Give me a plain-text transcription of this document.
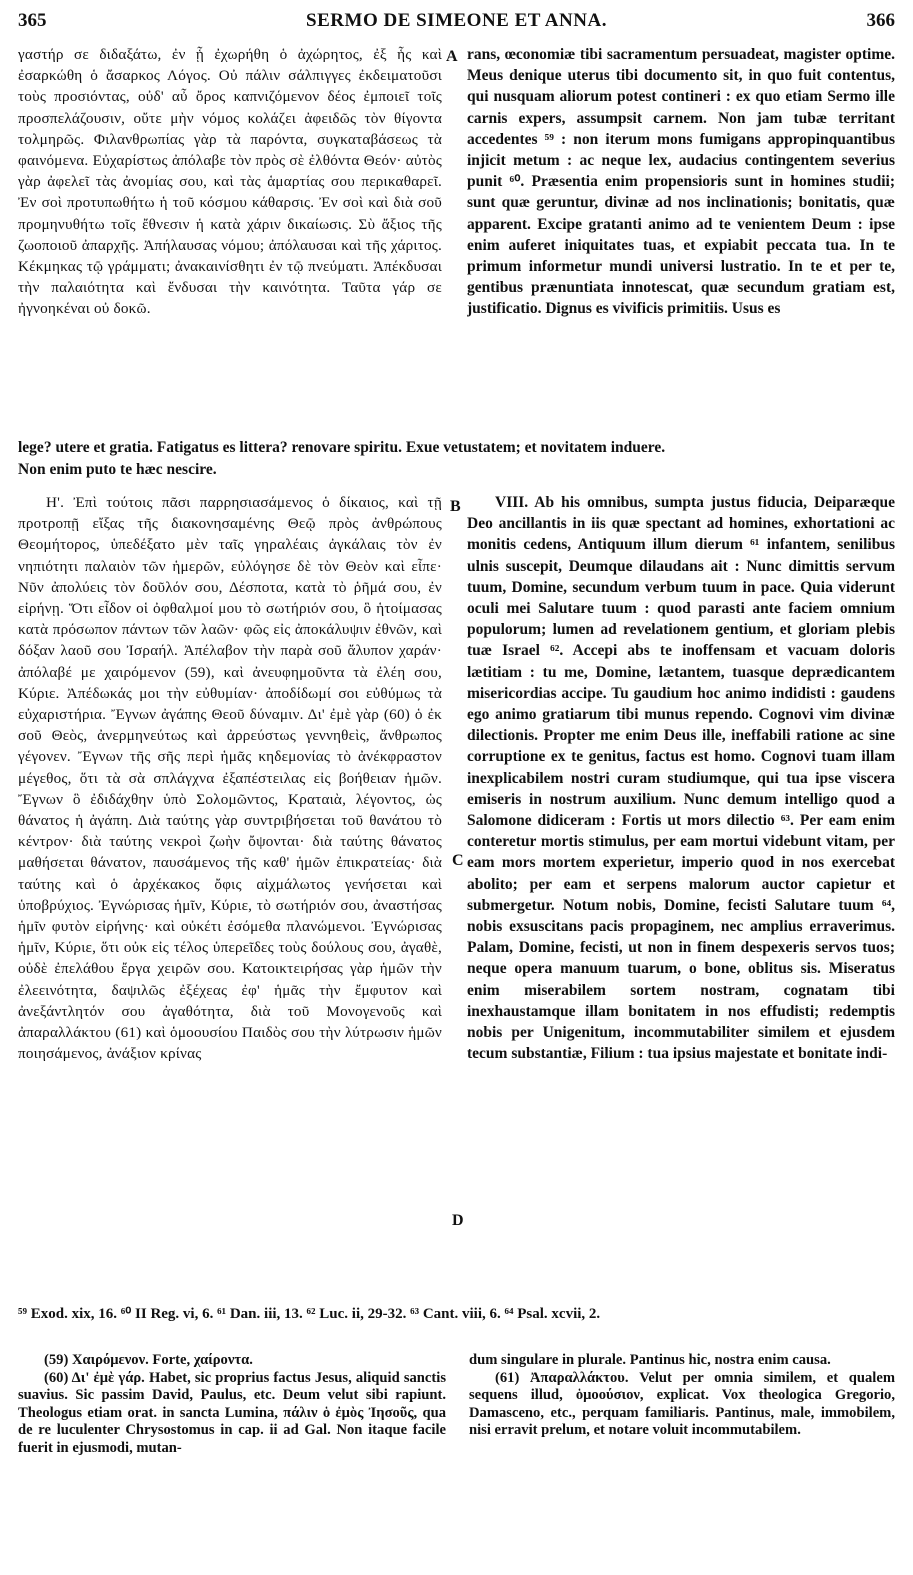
365	SERMO DE SIMEONE ET ANNA.	366

γαστήρ σε διδαξάτω, ἐν ᾗ ἐχωρήθη ὁ ἀχώρητος, ἐξ ἧς καὶ ἐσαρκώθη ὁ ἄσαρκος Λόγος. Οὐ πάλιν σάλπιγγες ἐκδειματοῦσι τοὺς προσιόντας, οὐδ' αὖ ὄρος καπνιζόμενον δέος ἐμποιεῖ τοῖς προσπελάζουσιν, οὔτε μὴν νόμος κολάζει ἀφειδῶς τὸν θίγοντα τολμηρῶς. Φιλανθρωπίας γὰρ τὰ παρόντα, συγκαταβάσεως τὰ φαινόμενα. Εὐχαρίστως ἀπόλαβε τὸν πρὸς σὲ ἐλθόντα Θεόν· αὐτὸς γὰρ ἀφελεῖ τὰς ἀνομίας σου, καὶ τὰς ἁμαρτίας σου περικαθαρεῖ. Ἐν σοὶ προτυπωθήτω ἡ τοῦ κόσμου κάθαρσις. Ἐν σοὶ καὶ διὰ σοῦ προμηνυθήτω τοῖς ἔθνεσιν ἡ κατὰ χάριν δικαίωσις. Σὺ ἄξιος τῆς ζωοποιοῦ ἀπαρχῆς. Ἀπήλαυσας νόμου; ἀπόλαυσαι καὶ τῆς χάριτος. Κέκμηκας τῷ γράμματι; ἀνακαινίσθητι ἐν τῷ πνεύματι. Ἀπέκδυσαι τὴν παλαιότητα καὶ ἔνδυσαι τὴν καινότητα. Ταῦτα γάρ σε ἠγνοηκέναι οὐ δοκῶ.

A rans, œconomiæ tibi sacramentum persuadeat, magister optime. Meus denique uterus tibi documento sit, in quo fuit contentus, qui nusquam aliorum potest contineri : ex quo etiam Sermo ille carnis expers, assumpsit carnem. Non jam tubæ territant accedentes ⁵⁹ : non iterum mons fumigans appropinquantibus injicit metum : ac neque lex, audacius contingentem severius punit ⁶⁰. Præsentia enim propensioris sunt in homines studii; sunt quæ geruntur, divinæ ad nos inclinationis; bonitatis, quæ apparent. Excipe gratanti animo ad te venientem Deum : ipse enim auferet iniquitates tuas, et expiabit peccata tua. In te primum informetur mundi universi lustratio. In te et per te, gentibus prænuntiata innotescat, quæ secundum gratiam est, justificatio. Dignus es vivificis primitiis. Usus es

lege? utere et gratia. Fatigatus es littera? renovare spiritu. Exue vetustatem; et novitatem induere.
Non enim puto te hæc nescire.

Η'. Ἐπὶ τούτοις πᾶσι παρρησιασάμενος ὁ δίκαιος, καὶ τῇ προτροπῇ εἴξας τῆς διακονησαμένης Θεῷ πρὸς ἀνθρώπους Θεομήτορος, ὑπεδέξατο μὲν ταῖς γηραλέαις ἀγκάλαις τὸν ἐν νηπιότητι παλαιὸν τῶν ἡμερῶν, εὐλόγησε δὲ τὸν Θεὸν καὶ εἶπε· Νῦν ἀπολύεις τὸν δοῦλόν σου, Δέσποτα, κατὰ τὸ ῥῆμά σου, ἐν εἰρήνῃ. Ὅτι εἶδον οἱ ὀφθαλμοί μου τὸ σωτήριόν σου, ὃ ἡτοίμασας κατὰ πρόσωπον πάντων τῶν λαῶν· φῶς εἰς ἀποκάλυψιν ἐθνῶν, καὶ δόξαν λαοῦ σου Ἰσραήλ. Ἀπέλαβον τὴν παρὰ σοῦ ἄλυπον χαράν· ἀπόλαβέ με χαιρόμενον (59), καὶ ἀνευφημοῦντα τὰ ἐλέη σου, Κύριε. Ἀπέδωκάς μοι τὴν εὐθυμίαν· ἀποδίδωμί σοι εὐθύμως τὰ εὐχαριστήρια. Ἔγνων ἀγάπης Θεοῦ δύναμιν. Δι' ἐμὲ γὰρ (60) ὁ ἐκ σοῦ Θεὸς, ἀνερμηνεύτως καὶ ἀρρεύστως γεννηθεὶς, ἄνθρωπος γέγονεν. Ἔγνων τῆς σῆς περὶ ἡμᾶς κηδεμονίας τὸ ἀνέκφραστον μέγεθος, ὅτι τὰ σὰ σπλάγχνα ἐξαπέστειλας εἰς βοήθειαν ἡμῶν. Ἔγνων ὃ ἐδιδάχθην ὑπὸ Σολομῶντος, Κραταιὰ, λέγοντος, ὡς θάνατος ἡ ἀγάπη. Διὰ ταύτης γὰρ συντριβήσεται τοῦ θανάτου τὸ κέντρον· διὰ ταύτης νεκροὶ ζωὴν ὄψονται· διὰ ταύτης θάνατος μαθήσεται θάνατον, παυσάμενος τῆς καθ' ἡμῶν ἐπικρατείας· διὰ ταύτης καὶ ὁ ἀρχέκακος ὄφις αἰχμάλωτος γενήσεται καὶ ὑποβρύχιος. Ἐγνώρισας ἡμῖν, Κύριε, τὸ σωτήριόν σου, ἀναστήσας ἡμῖν φυτὸν εἰρήνης· καὶ οὐκέτι ἐσόμεθα πλανώμενοι. Ἐγνώρισας ἡμῖν, Κύριε, ὅτι οὐκ εἰς τέλος ὑπερεῖδες τοὺς δούλους σου, ἀγαθὲ, οὐδὲ ἐπελάθου ἔργα χειρῶν σου. Κατοικτειρήσας γὰρ ἡμῶν τὴν ἐλεεινότητα, δαψιλῶς ἐξέχεας ἐφ' ἡμᾶς τὴν ἔμφυτον καὶ ἀνεξάντλητόν σου ἀγαθότητα, διὰ τοῦ Μονογενοῦς καὶ ἀπαραλλάκτου (61) καὶ ὁμοουσίου Παιδὸς σου τὴν λύτρωσιν ἡμῶν ποιησάμενος, ἀνάξιον κρίνας

B
C
D

VIII. Ab his omnibus, sumpta justus fiducia, Deiparæque Deo ancillantis in iis quæ spectant ad homines, exhortationi ac monitis cedens, Antiquum illum dierum ⁶¹ infantem, senilibus ulnis suscepit, Deumque dilaudans ait : Nunc dimittis servum tuum, Domine, secundum verbum tuum in pace. Quia viderunt oculi mei Salutare tuum : quod parasti ante faciem omnium populorum; lumen ad revelationem gentium, et gloriam plebis tuæ Israel ⁶². Accepi abs te inoffensam et vacuam doloris lætitiam : tu me, Domine, lætantem, tuasque deprædicantem misericordias accipe. Tu gaudium hoc animo indidisti : gaudens ego animo gratiarum tibi munus rependo. Cognovi vim divinæ dilectionis. Propter me enim Deus ille, ineffabili ratione ac sine corruptione ex te genitus, factus est homo. Cognovi tuam illam inexplicabilem nostri curam studiumque, qui tua ipse viscera emiseris in nostrum auxilium. Nunc demum intelligo quod a Salomone didiceram : Fortis ut mors dilectio ⁶³. Per eam enim conteretur mortis stimulus, per eam mortui videbunt vitam, per eam mors mortem experietur, imperio quod in nos exercebat abolito; per eam et serpens malorum auctor capietur et submergetur. Notum nobis, Domine, fecisti Salutare tuum ⁶⁴, nobis exsuscitans pacis propaginem, nec amplius erraverimus. Palam, Domine, fecisti, ut non in finem despexeris servos tuos; neque opera manuum tuarum, o bone, oblitus sis. Miseratus enim miserabilem sortem nostram, cognatam tibi inexhaustamque illam bonitatem in nos effudisti; redemptis nobis per Unigenitum, incommutabiliter similem et ejusdem tecum substantiæ, Filium : tua ipsius majestate et bonitate indi-

⁵⁹ Exod. xix, 16. ⁶⁰ II Reg. vi, 6. ⁶¹ Dan. iii, 13. ⁶² Luc. ii, 29-32. ⁶³ Cant. viii, 6. ⁶⁴ Psal. xcvii, 2.

(59) Χαιρόμενον. Forte, χαίροντα.

(60) Δι' ἐμὲ γάρ. Habet, sic proprius factus Jesus, aliquid sanctis suavius. Sic passim David, Paulus, etc. Deum velut sibi rapiunt. Theologus etiam orat. in sancta Lumina, πάλιν ὁ ἐμὸς Ἰησοῦς, qua de re luculenter Chrysostomus in cap. ii ad Gal. Non itaque facile fuerit in ejusmodi, mutan-

dum singulare in plurale. Pantinus hic, nostra enim causa.

(61) Ἀπαραλλάκτου. Velut per omnia similem, et qualem sequens illud, ὁμοούσιον, explicat. Vox theologica Gregorio, Damasceno, etc., perquam familiaris. Pantinus, male, immobilem, nisi erravit prelum, et notare voluit incommutabilem.
